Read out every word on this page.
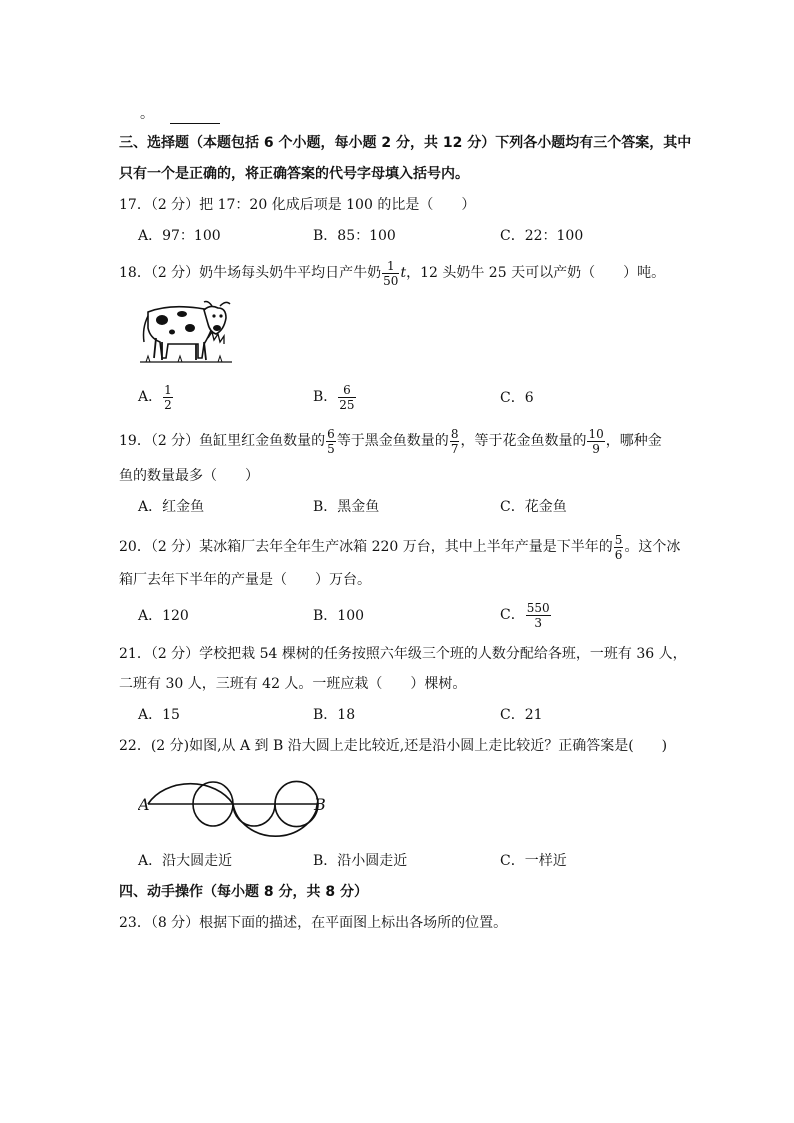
。
三、选择题（本题包括 6 个小题，每小题 2 分，共 12 分）下列各小题均有三个答案，其中
只有一个是正确的，将正确答案的代号字母填入括号内。
17．（2 分）把 17：20 化成后项是 100 的比是（　　）
A．97：100	B．85：100	C．22：100
18．（2 分）奶牛场每头奶牛平均日产牛奶 $\frac{1}{50}$ t，12 头奶牛 25 天可以产奶（　　）吨。
A． $\frac{1}{2}$	B． $\frac{6}{25}$	C．6
19．（2 分）鱼缸里红金鱼数量的 $\frac{6}{5}$ 等于黑金鱼数量的 $\frac{8}{7}$ ，等于花金鱼数量的 $\frac{10}{9}$ ，哪种金
鱼的数量最多（　　）
A．红金鱼	B．黑金鱼	C．花金鱼
20．（2 分）某冰箱厂去年全年生产冰箱 220 万台，其中上半年产量是下半年的 $\frac{5}{6}$ 。这个冰
箱厂去年下半年的产量是（　　）万台。
A．120	B．100	C． $\frac{550}{3}$
21．（2 分）学校把栽 54 棵树的任务按照六年级三个班的人数分配给各班，一班有 36 人，
二班有 30 人，三班有 42 人。一班应栽（　　）棵树。
A．15	B．18	C．21
22．(2 分)如图,从 A 到 B 沿大圆上走比较近,还是沿小圆上走比较近？正确答案是(　　)
A	B
A．沿大圆走近	B．沿小圆走近	C．一样近
四、动手操作（每小题 8 分，共 8 分）
23．（8 分）根据下面的描述，在平面图上标出各场所的位置。
